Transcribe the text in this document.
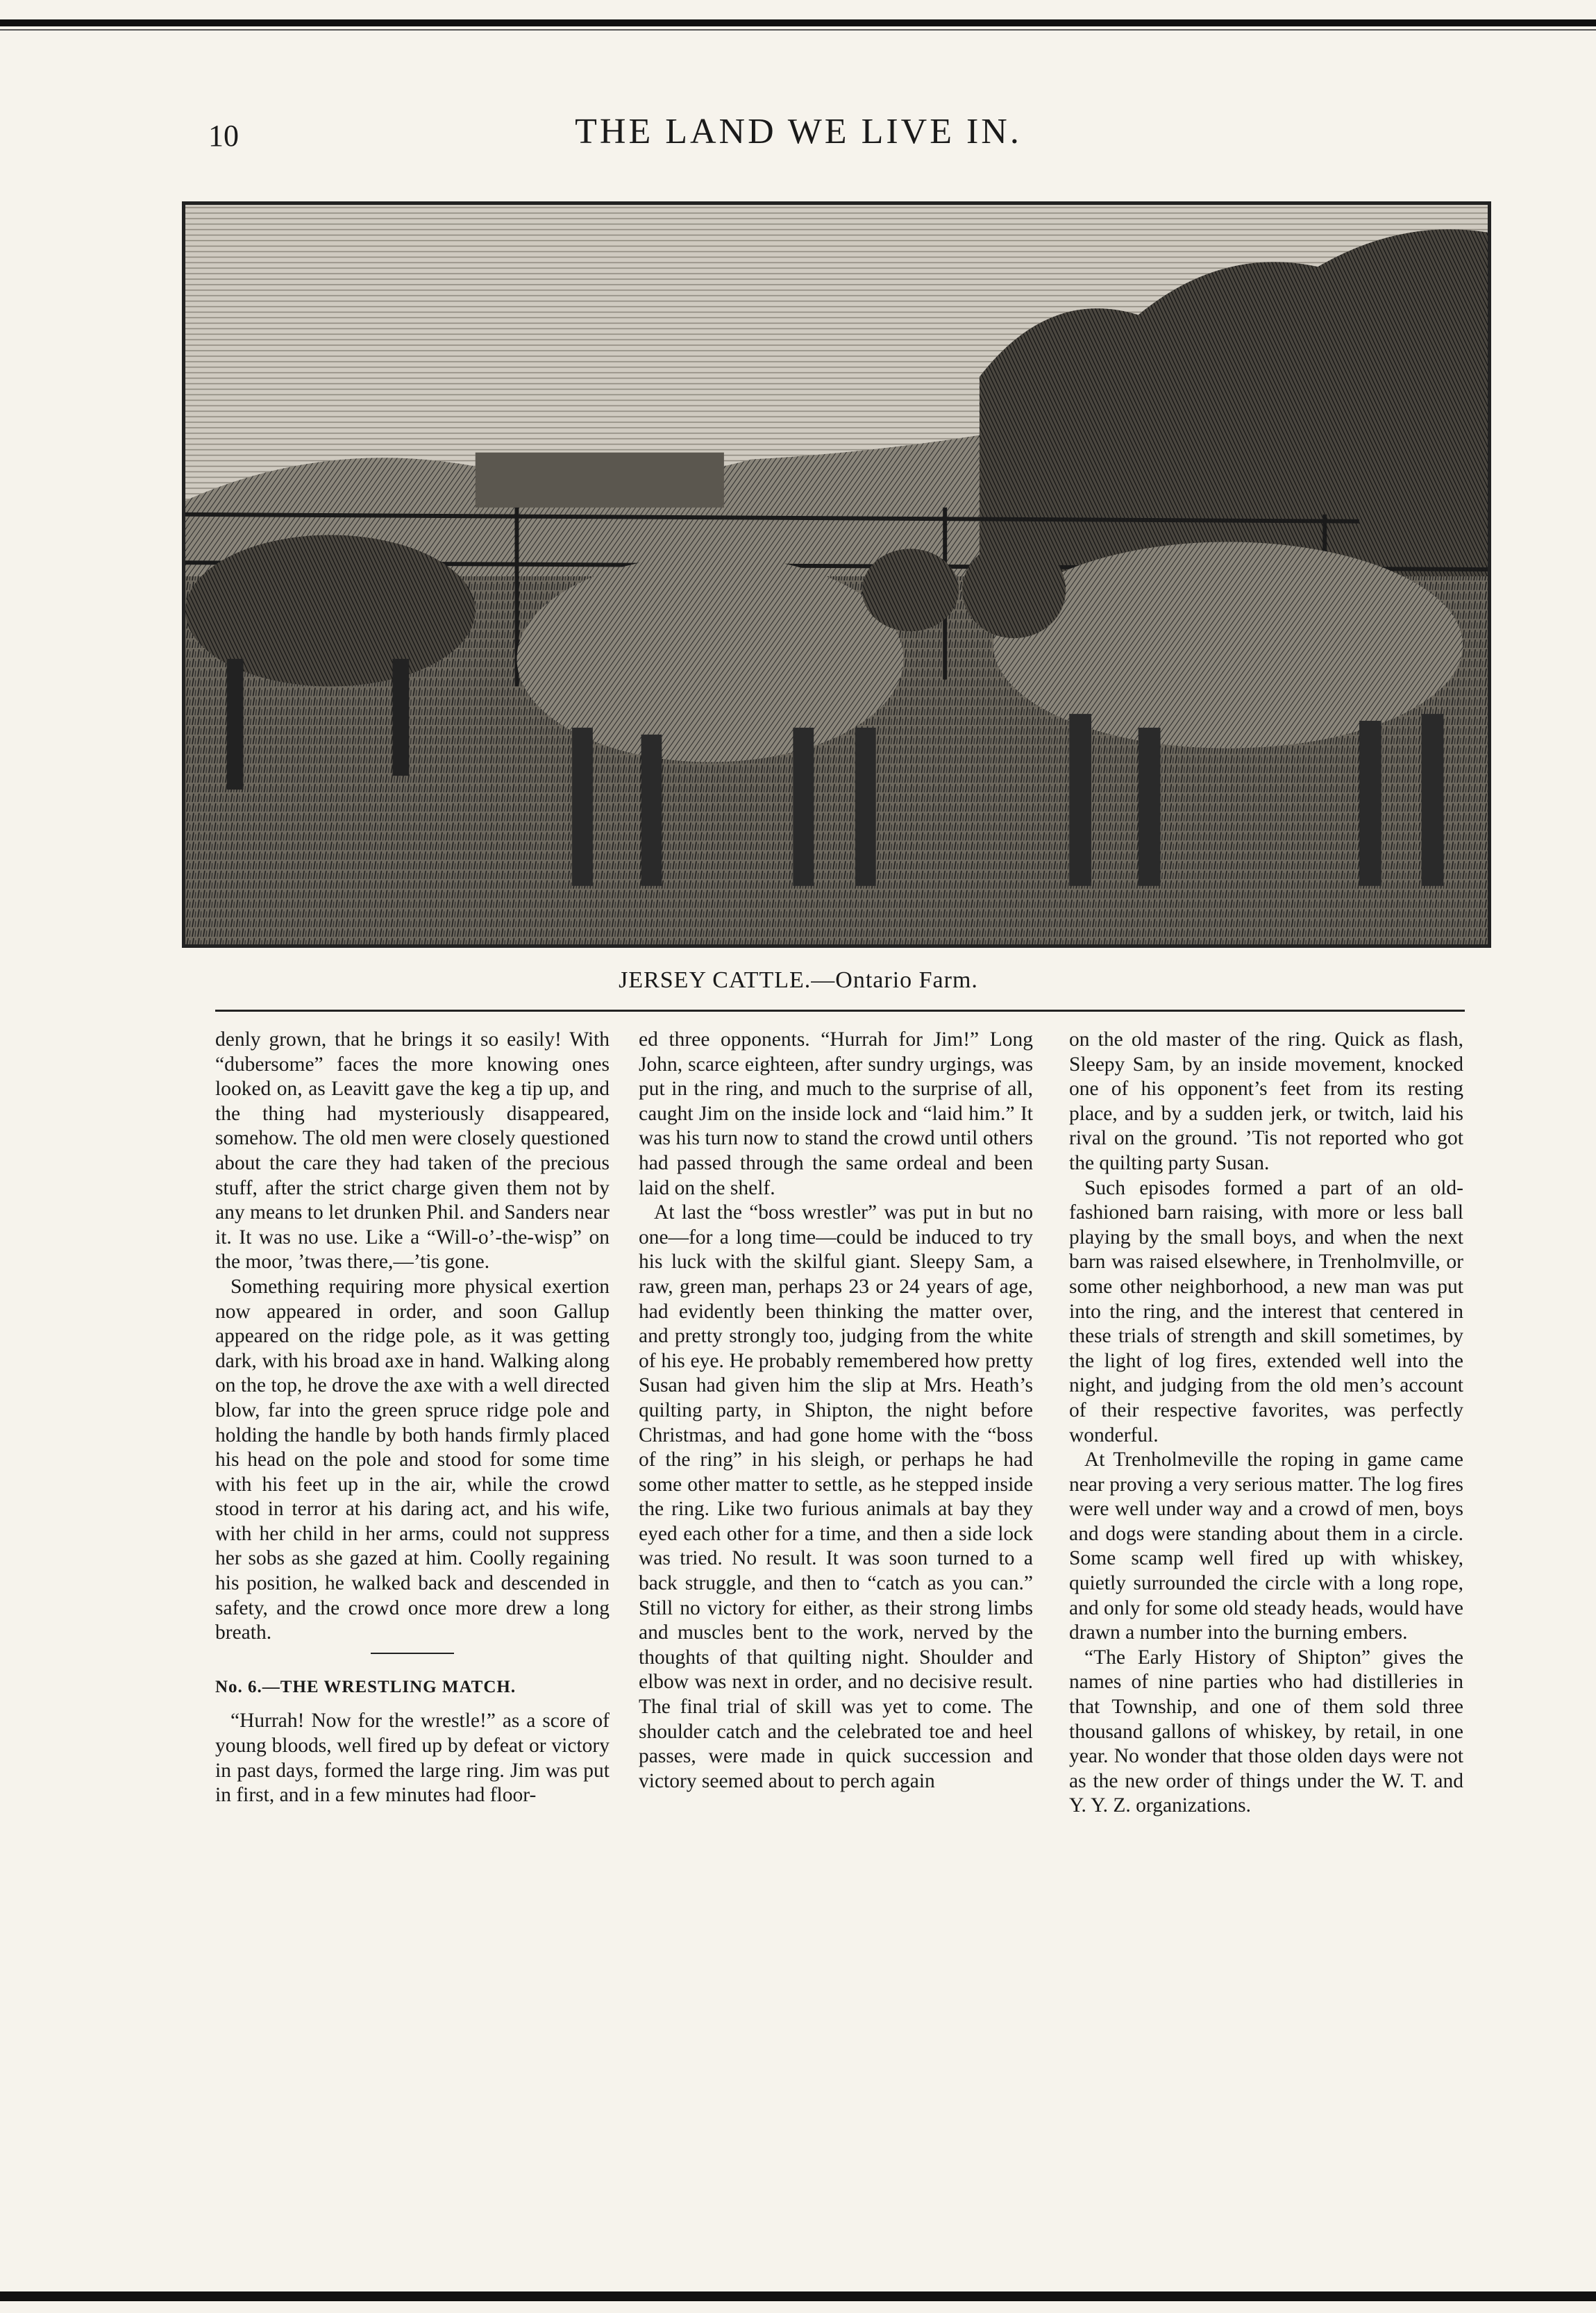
10	THE LAND WE LIVE IN.
JERSEY CATTLE.—Ontario Farm.

denly grown, that he brings it so easily! With “dubersome” faces the more knowing ones looked on, as Leavitt gave the keg a tip up, and the thing had mysteriously disappeared, somehow. The old men were closely questioned about the care they had taken of the precious stuff, after the strict charge given them not by any means to let drunken Phil. and Sanders near it. It was no use. Like a “Will-o’-the-wisp” on the moor, ’twas there,—’tis gone.

Something requiring more physical exertion now appeared in order, and soon Gallup appeared on the ridge pole, as it was getting dark, with his broad axe in hand. Walking along on the top, he drove the axe with a well directed blow, far into the green spruce ridge pole and holding the handle by both hands firmly placed his head on the pole and stood for some time with his feet up in the air, while the crowd stood in terror at his daring act, and his wife, with her child in her arms, could not suppress her sobs as she gazed at him. Coolly regaining his position, he walked back and descended in safety, and the crowd once more drew a long breath.

No. 6.—THE WRESTLING MATCH.

“Hurrah! Now for the wrestle!” as a score of young bloods, well fired up by defeat or victory in past days, formed the large ring. Jim was put in first, and in a few minutes had floor-

ed three opponents. “Hurrah for Jim!” Long John, scarce eighteen, after sundry urgings, was put in the ring, and much to the surprise of all, caught Jim on the inside lock and “laid him.” It was his turn now to stand the crowd until others had passed through the same ordeal and been laid on the shelf.

At last the “boss wrestler” was put in but no one—for a long time—could be induced to try his luck with the skilful giant. Sleepy Sam, a raw, green man, perhaps 23 or 24 years of age, had evidently been thinking the matter over, and pretty strongly too, judging from the white of his eye. He probably remembered how pretty Susan had given him the slip at Mrs. Heath’s quilting party, in Shipton, the night before Christmas, and had gone home with the “boss of the ring” in his sleigh, or perhaps he had some other matter to settle, as he stepped inside the ring. Like two furious animals at bay they eyed each other for a time, and then a side lock was tried. No result. It was soon turned to a back struggle, and then to “catch as you can.” Still no victory for either, as their strong limbs and muscles bent to the work, nerved by the thoughts of that quilting night. Shoulder and elbow was next in order, and no decisive result. The final trial of skill was yet to come. The shoulder catch and the celebrated toe and heel passes, were made in quick succession and victory seemed about to perch again

on the old master of the ring. Quick as flash, Sleepy Sam, by an inside movement, knocked one of his opponent’s feet from its resting place, and by a sudden jerk, or twitch, laid his rival on the ground. ’Tis not reported who got the quilting party Susan.

Such episodes formed a part of an old-fashioned barn raising, with more or less ball playing by the small boys, and when the next barn was raised elsewhere, in Trenholmville, or some other neighborhood, a new man was put into the ring, and the interest that centered in these trials of strength and skill sometimes, by the light of log fires, extended well into the night, and judging from the old men’s account of their respective favorites, was perfectly wonderful.

At Trenholmeville the roping in game came near proving a very serious matter. The log fires were well under way and a crowd of men, boys and dogs were standing about them in a circle. Some scamp well fired up with whiskey, quietly surrounded the circle with a long rope, and only for some old steady heads, would have drawn a number into the burning embers.

“The Early History of Shipton” gives the names of nine parties who had distilleries in that Township, and one of them sold three thousand gallons of whiskey, by retail, in one year. No wonder that those olden days were not as the new order of things under the W. T. and Y. Y. Z. organizations.
